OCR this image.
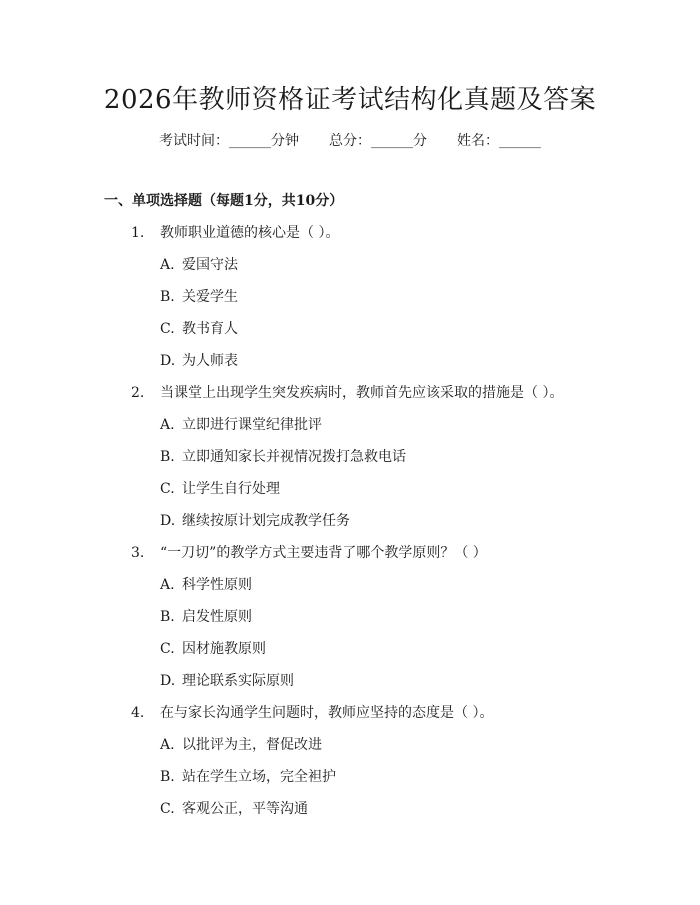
2026年教师资格证考试结构化真题及答案
考试时间：______分钟 总分：______分 姓名：______
一、单项选择题（每题1分，共10分）
1. 教师职业道德的核心是（ ）。
A. 爱国守法
B. 关爱学生
C. 教书育人
D. 为人师表
2. 当课堂上出现学生突发疾病时，教师首先应该采取的措施是（ ）。
A. 立即进行课堂纪律批评
B. 立即通知家长并视情况拨打急救电话
C. 让学生自行处理
D. 继续按原计划完成教学任务
3. “一刀切”的教学方式主要违背了哪个教学原则？（ ）
A. 科学性原则
B. 启发性原则
C. 因材施教原则
D. 理论联系实际原则
4. 在与家长沟通学生问题时，教师应坚持的态度是（ ）。
A. 以批评为主，督促改进
B. 站在学生立场，完全袒护
C. 客观公正，平等沟通
